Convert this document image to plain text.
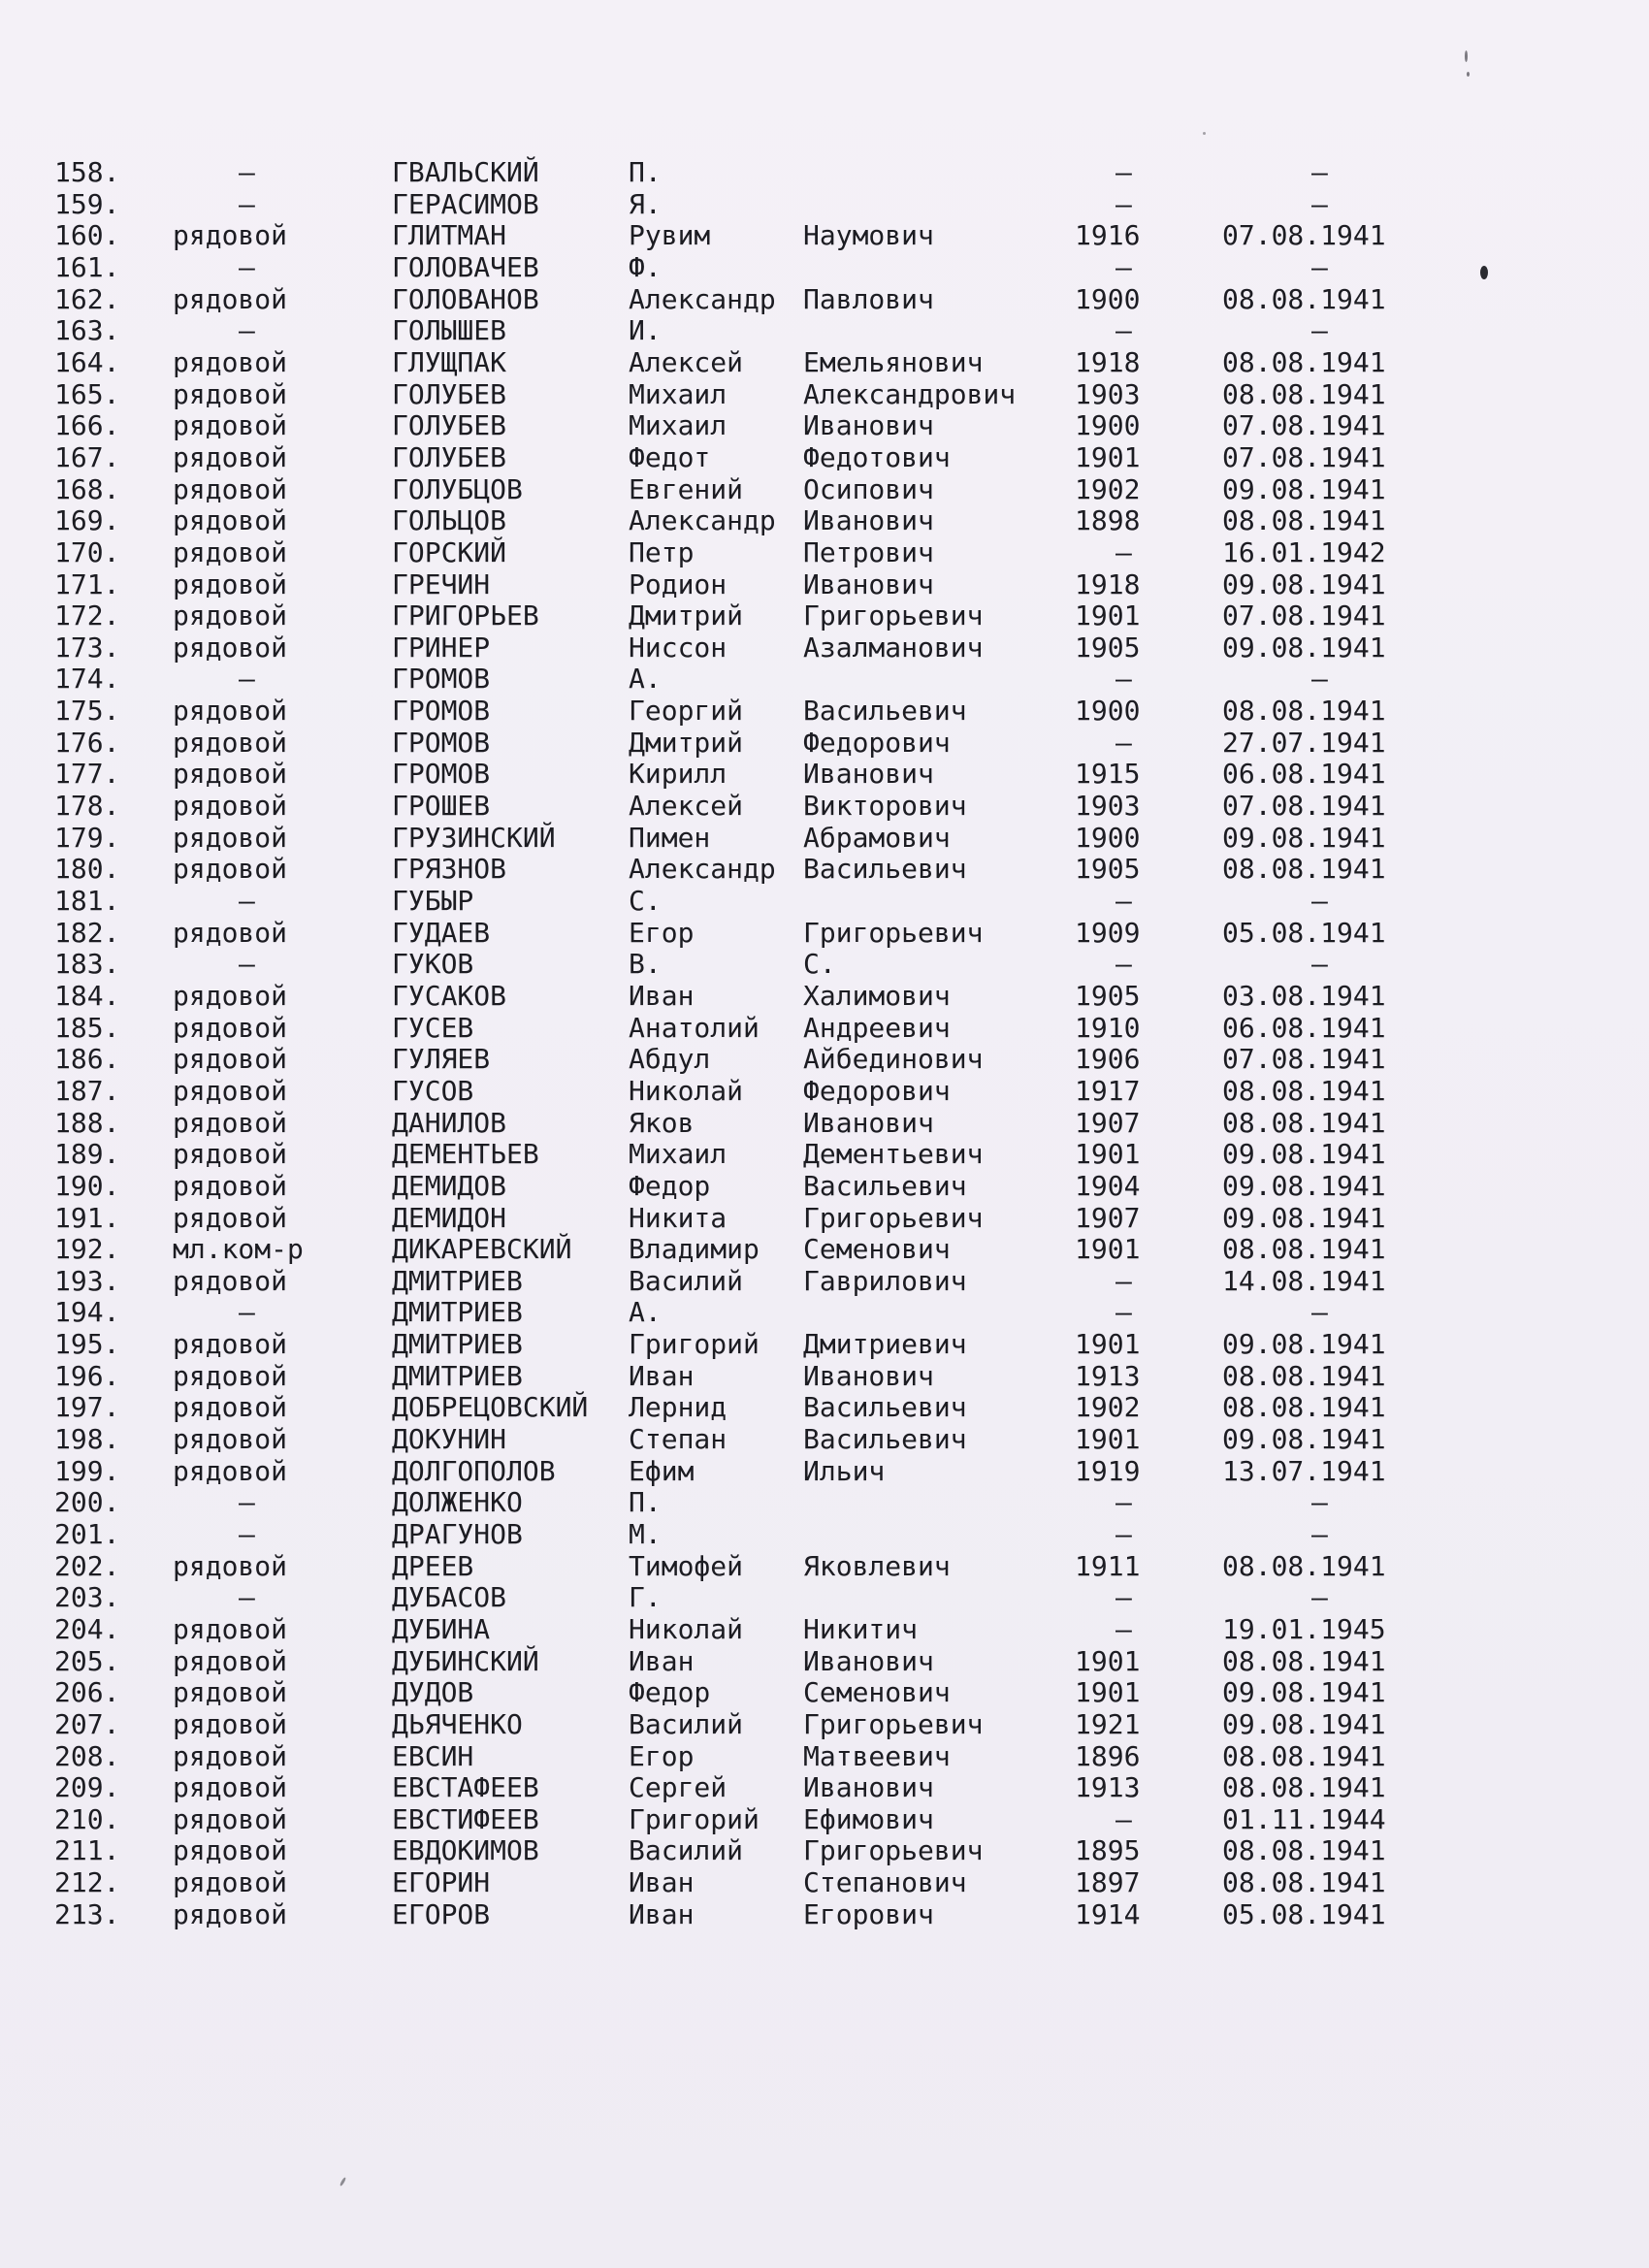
158.	–	ГВАЛЬСКИЙ	П.	–	–
159.	–	ГЕРАСИМОВ	Я.	–	–
160. рядовой	ГЛИТМАН	Рувим	Наумович	1916	07.08.1941
161.	–	ГОЛОВАЧЕВ	Ф.	–	–
162. рядовой	ГОЛОВАНОВ	Александр Павлович	1900	08.08.1941
163.	–	ГОЛЫШЕВ	И.	–	–
164. рядовой	ГЛУЩПАК	Алексей Емельянович	1918	08.08.1941
165. рядовой	ГОЛУБЕВ	Михаил	Александрович 1903	08.08.1941
166. рядовой	ГОЛУБЕВ	Михаил	Иванович	1900	07.08.1941
167. рядовой	ГОЛУБЕВ	Федот	Федотович	1901	07.08.1941
168. рядовой	ГОЛУБЦОВ	Евгений Осипович	1902	09.08.1941
169. рядовой	ГОЛЬЦОВ	Александр Иванович	1898	08.08.1941
170. рядовой	ГОРСКИЙ	Петр	Петрович	–	16.01.1942
171. рядовой	ГРЕЧИН	Родион	Иванович	1918	09.08.1941
172. рядовой	ГРИГОРЬЕВ	Дмитрий Григорьевич	1901	07.08.1941
173. рядовой	ГРИНЕР	Ниссон	Азалманович	1905	09.08.1941
174.	–	ГРОМОВ	А.	–	–
175. рядовой	ГРОМОВ	Георгий Васильевич	1900	08.08.1941
176. рядовой	ГРОМОВ	Дмитрий Федорович	–	27.07.1941
177. рядовой	ГРОМОВ	Кирилл	Иванович	1915	06.08.1941
178. рядовой	ГРОШЕВ	Алексей Викторович	1903	07.08.1941
179. рядовой	ГРУЗИНСКИЙ	Пимен	Абрамович	1900	09.08.1941
180. рядовой	ГРЯЗНОВ	Александр Васильевич	1905	08.08.1941
181.	–	ГУБЫР	С.	–	–
182. рядовой	ГУДАЕВ	Егор	Григорьевич	1909	05.08.1941
183.	–	ГУКОВ	В.	С.	–	–
184. рядовой	ГУСАКОВ	Иван	Халимович	1905	03.08.1941
185. рядовой	ГУСЕВ	Анатолий Андреевич	1910	06.08.1941
186. рядовой	ГУЛЯЕВ	Абдул	Айбединович	1906	07.08.1941
187. рядовой	ГУСОВ	Николай Федорович	1917	08.08.1941
188. рядовой	ДАНИЛОВ	Яков	Иванович	1907	08.08.1941
189. рядовой	ДЕМЕНТЬЕВ	Михаил	Дементьевич	1901	09.08.1941
190. рядовой	ДЕМИДОВ	Федор	Васильевич	1904	09.08.1941
191. рядовой	ДЕМИДОН	Никита	Григорьевич	1907	09.08.1941
192. мл.ком-р	ДИКАРЕВСКИЙ Владимир Семенович	1901	08.08.1941
193. рядовой	ДМИТРИЕВ	Василий Гаврилович	–	14.08.1941
194.	–	ДМИТРИЕВ	А.	–	–
195. рядовой	ДМИТРИЕВ	Григорий Дмитриевич	1901	09.08.1941
196. рядовой	ДМИТРИЕВ	Иван	Иванович	1913	08.08.1941
197. рядовой	ДОБРЕЦОВСКИЙ Лернид	Васильевич	1902	08.08.1941
198. рядовой	ДОКУНИН	Степан	Васильевич	1901	09.08.1941
199. рядовой	ДОЛГОПОЛОВ	Ефим	Ильич	1919	13.07.1941
200.	–	ДОЛЖЕНКО	П.	–	–
201.	–	ДРАГУНОВ	М.	–	–
202. рядовой	ДРЕЕВ	Тимофей Яковлевич	1911	08.08.1941
203.	–	ДУБАСОВ	Г.	–	–
204. рядовой	ДУБИНА	Николай Никитич	–	19.01.1945
205. рядовой	ДУБИНСКИЙ	Иван	Иванович	1901	08.08.1941
206. рядовой	ДУДОВ	Федор	Семенович	1901	09.08.1941
207. рядовой	ДЬЯЧЕНКО	Василий Григорьевич	1921	09.08.1941
208. рядовой	ЕВСИН	Егор	Матвеевич	1896	08.08.1941
209. рядовой	ЕВСТАФЕЕВ	Сергей	Иванович	1913	08.08.1941
210. рядовой	ЕВСТИФЕЕВ	Григорий Ефимович	–	01.11.1944
211. рядовой	ЕВДОКИМОВ	Василий Григорьевич	1895	08.08.1941
212. рядовой	ЕГОРИН	Иван	Степанович	1897	08.08.1941
213. рядовой	ЕГОРОВ	Иван	Егорович	1914	05.08.1941
